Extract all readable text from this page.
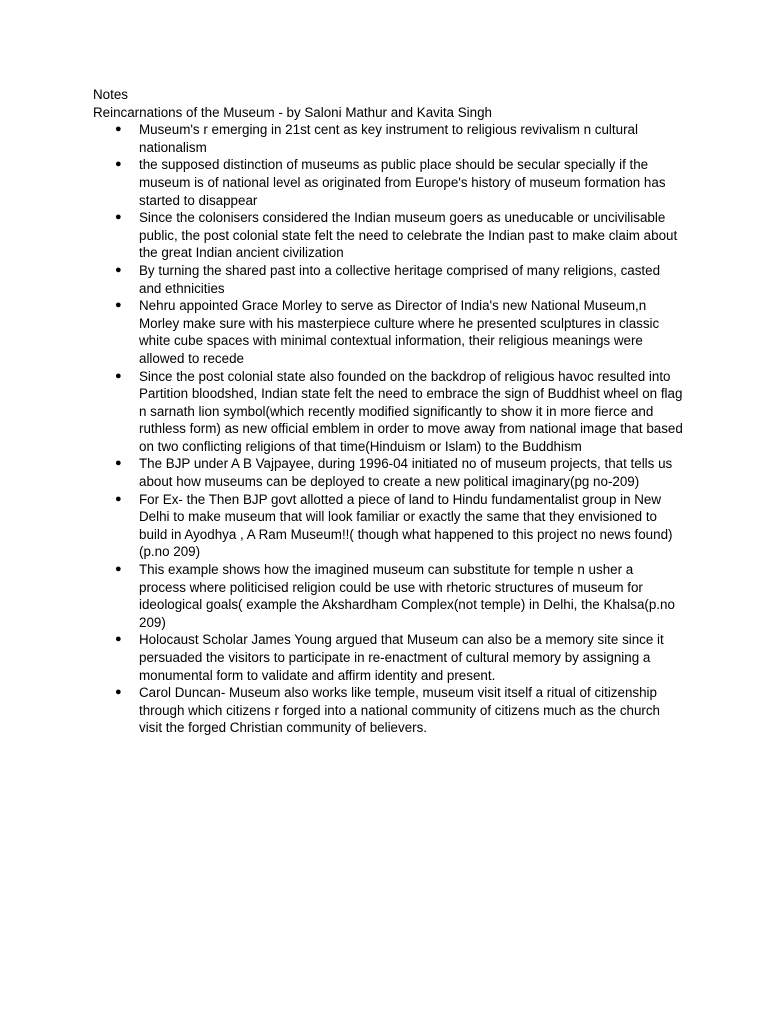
Notes
Reincarnations of the Museum - by Saloni Mathur and Kavita Singh
● Museum's r emerging in 21st cent as key instrument to religious revivalism n cultural nationalism
● the supposed distinction of museums as public place should be secular specially if the museum is of national level as originated from Europe's history of museum formation has started to disappear
● Since the colonisers considered the Indian museum goers as uneducable or uncivilisable public, the post colonial state felt the need to celebrate the Indian past to make claim about the great Indian ancient civilization
● By turning the shared past into a collective heritage comprised of many religions, casted and ethnicities
● Nehru appointed Grace Morley to serve as Director of India's new National Museum,n Morley make sure with his masterpiece culture where he presented sculptures in classic white cube spaces with minimal contextual information, their religious meanings were allowed to recede
● Since the post colonial state also founded on the backdrop of religious havoc resulted into Partition bloodshed, Indian state felt the need to embrace the sign of Buddhist wheel on flag n sarnath lion symbol(which recently modified significantly to show it in more fierce and ruthless form) as new official emblem in order to move away from national image that based on two conflicting religions of that time(Hinduism or Islam) to the Buddhism
● The BJP under A B Vajpayee, during 1996-04 initiated no of museum projects, that tells us about how museums can be deployed to create a new political imaginary(pg no-209)
● For Ex- the Then BJP govt allotted a piece of land to Hindu fundamentalist group in New Delhi to make museum that will look familiar or exactly the same that they envisioned to build in Ayodhya , A Ram Museum!!( though what happened to this project no news found) (p.no 209)
● This example shows how the imagined museum can substitute for temple n usher a process where politicised religion could be use with rhetoric structures of museum for ideological goals( example the Akshardham Complex(not temple) in Delhi, the Khalsa(p.no 209)
● Holocaust Scholar James Young argued that Museum can also be a memory site since it persuaded the visitors to participate in re-enactment of cultural memory by assigning a monumental form to validate and affirm identity and present.
● Carol Duncan- Museum also works like temple, museum visit itself a ritual of citizenship through which citizens r forged into a national community of citizens much as the church visit the forged Christian community of believers.
